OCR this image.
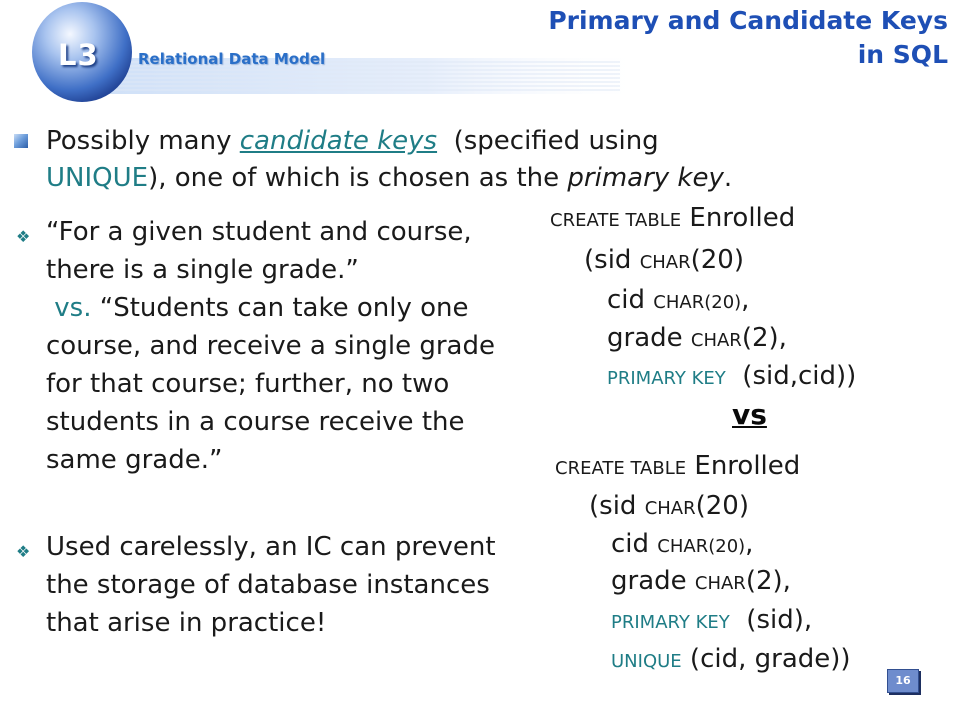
L3	Relational Data Model
Primary and Candidate Keys
in SQL
Possibly many candidate keys  (specified using
UNIQUE), one of which is chosen as the primary key.
❖ “For a given student and course, there is a single grade.” vs. “Students can take only one course, and receive a single grade for that course; further, no two students in a course receive the same grade.”
❖ Used carelessly, an IC can prevent the storage of database instances that arise in practice!
CREATE TABLE Enrolled
(sid CHAR(20)
cid CHAR(20),
grade CHAR(2),
PRIMARY KEY  (sid,cid))
vs
CREATE TABLE Enrolled
(sid CHAR(20)
cid CHAR(20),
grade CHAR(2),
PRIMARY KEY  (sid),
UNIQUE (cid, grade))
16
